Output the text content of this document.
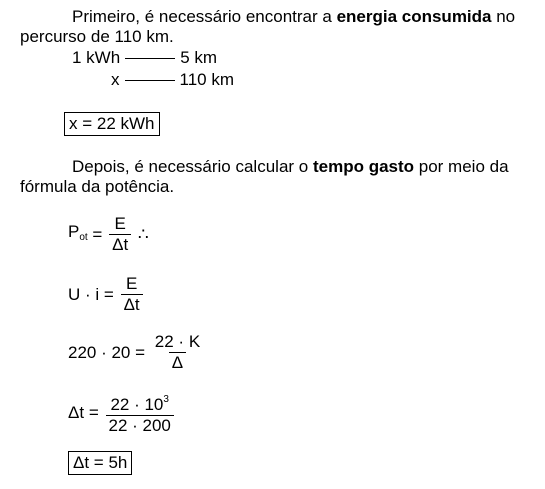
Primeiro, é necessário encontrar a energia consumida no
percurso de 110 km.
1 kWh	5 km
x	110 km
x = 22 kWh
Depois, é necessário calcular o tempo gasto por meio da
fórmula da potência.
$P_{ot} = \frac{E}{\Delta t}$ ∴
$U \cdot i = \frac{E}{\Delta t}$
$220 \cdot 20 = \frac{22 \cdot K}{\Delta}$
$\Delta t = \frac{22 \cdot 10^3}{22 \cdot 200}$
Δt = 5h
